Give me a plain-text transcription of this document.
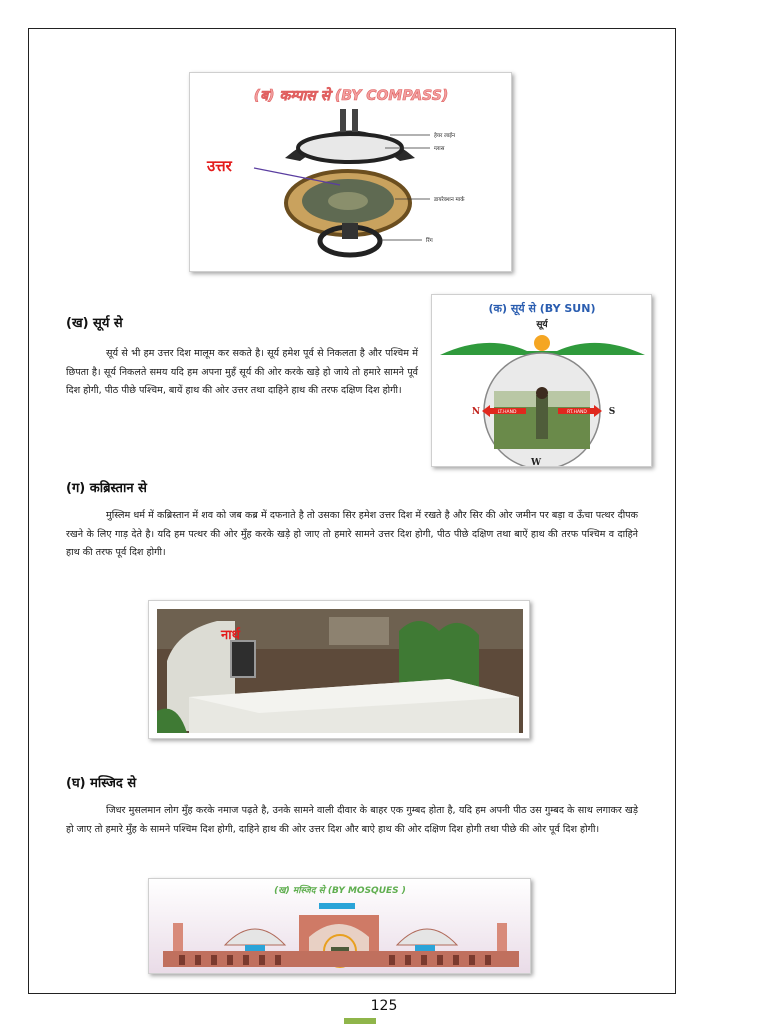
(ब) कम्पास से (BY COMPASS)
हेयर लाईन
ग्लास
डायरेक्शन मार्क
रिंग
उत्तर
(ख) सूर्य से
सूर्य से भी हम उत्तर दिश मालूम कर सकते है। सूर्य हमेश पूर्व से निकलता है और पश्चिम में छिपता है। सूर्य निकलते समय यदि हम अपना मुहँ सूर्य की ओर करके खड़े हो जाये तो हमारे सामने पूर्व दिश होगी, पीठ पीछे पश्चिम, बायें हाथ की ओर उत्तर तथा दाहिने हाथ की तरफ दक्षिण दिश होगी।
(क) सूर्य से (BY SUN)
सूर्य
LT.HAND	RT.HAND
N	S
W
(ग) कब्रिस्तान से
मुस्लिम धर्म में कब्रिस्तान में शव को जब कब्र में दफनाते है तो उसका सिर हमेश उत्तर दिश में रखते है और सिर की ओर जमीन पर बड़ा व ऊँचा पत्थर दीपक रखने के लिए गाड़ देते है। यदि हम पत्थर की ओर मुँह करके खड़े हो जाए तो हमारे सामने उत्तर दिश होगी, पीठ पीछे दक्षिण तथा बाऐं हाथ की तरफ पश्चिम व दाहिने हाथ की तरफ पूर्व दिश होगी।
नार्थ
(घ) मस्जिद से
जिधर मुसलमान लोग मुँह करके नमाज पढ़ते है, उनके सामने वाली दीवार के बाहर एक गुम्बद होता है, यदि हम अपनी पीठ उस गुम्बद के साथ लगाकर खड़े हो जाए तो हमारे मुँह के सामने पश्चिम दिश होगी, दाहिने हाथ की ओर उत्तर दिश और बाऐ हाथ की ओर दक्षिण दिश होगी तथा पीछे की ओर पूर्व दिश होगी।
(ख) मस्जिद से (BY MOSQUES )
125
